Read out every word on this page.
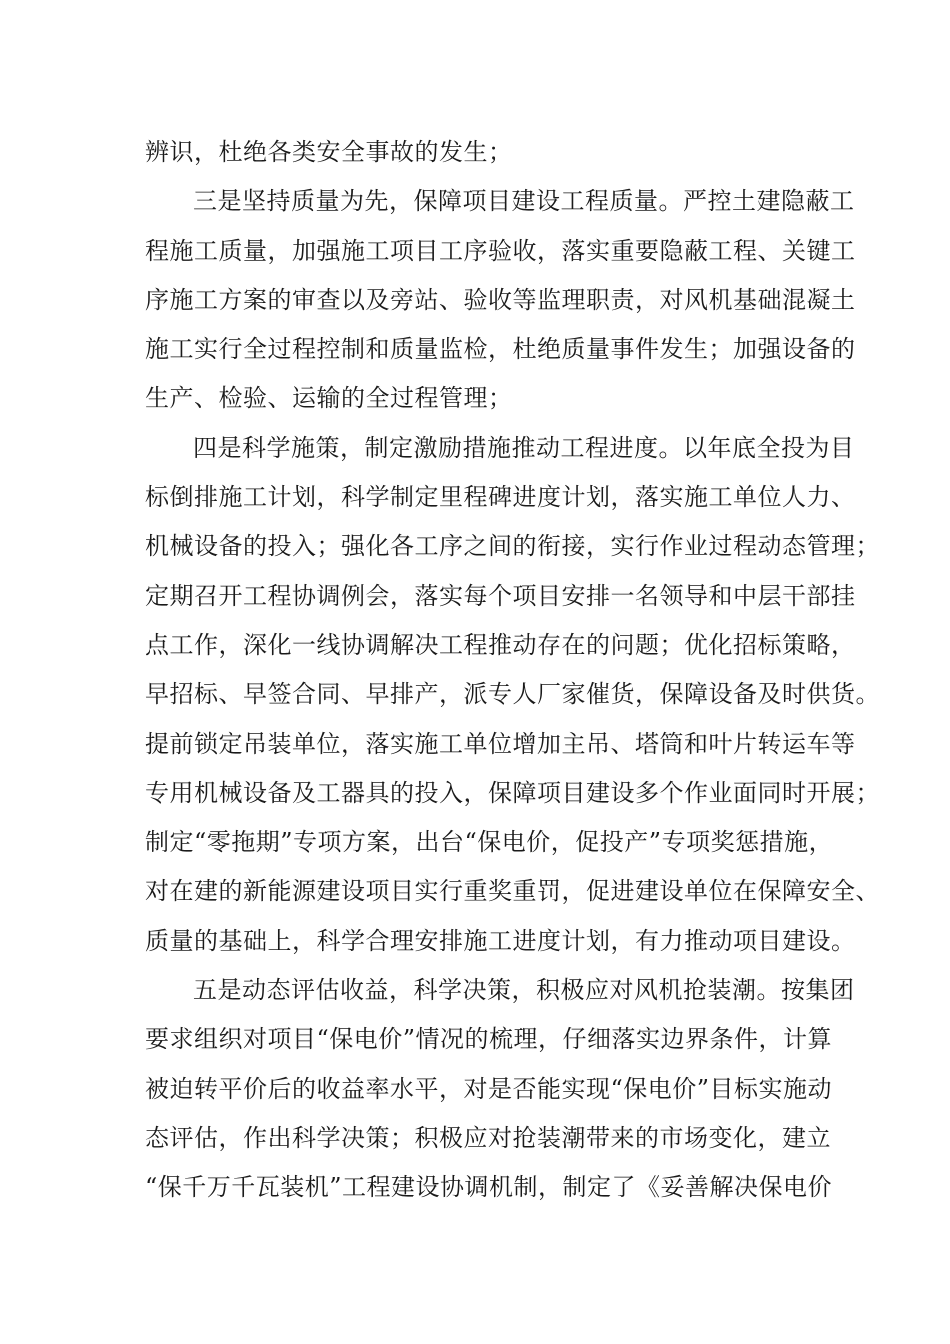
辨识，杜绝各类安全事故的发生；
三是坚持质量为先，保障项目建设工程质量。严控土建隐蔽工
程施工质量，加强施工项目工序验收，落实重要隐蔽工程、关键工
序施工方案的审查以及旁站、验收等监理职责，对风机基础混凝土
施工实行全过程控制和质量监检，杜绝质量事件发生；加强设备的
生产、检验、运输的全过程管理；
四是科学施策，制定激励措施推动工程进度。以年底全投为目
标倒排施工计划，科学制定里程碑进度计划，落实施工单位人力、
机械设备的投入；强化各工序之间的衔接，实行作业过程动态管理；
定期召开工程协调例会，落实每个项目安排一名领导和中层干部挂
点工作，深化一线协调解决工程推动存在的问题；优化招标策略，
早招标、早签合同、早排产，派专人厂家催货，保障设备及时供货。
提前锁定吊装单位，落实施工单位增加主吊、塔筒和叶片转运车等
专用机械设备及工器具的投入，保障项目建设多个作业面同时开展；
制定“零拖期”专项方案，出台“保电价，促投产”专项奖惩措施，
对在建的新能源建设项目实行重奖重罚，促进建设单位在保障安全、
质量的基础上，科学合理安排施工进度计划，有力推动项目建设。
五是动态评估收益，科学决策，积极应对风机抢装潮。按集团
要求组织对项目“保电价”情况的梳理，仔细落实边界条件，计算
被迫转平价后的收益率水平，对是否能实现“保电价”目标实施动
态评估，作出科学决策；积极应对抢装潮带来的市场变化，建立
“保千万千瓦装机”工程建设协调机制，制定了《妥善解决保电价
